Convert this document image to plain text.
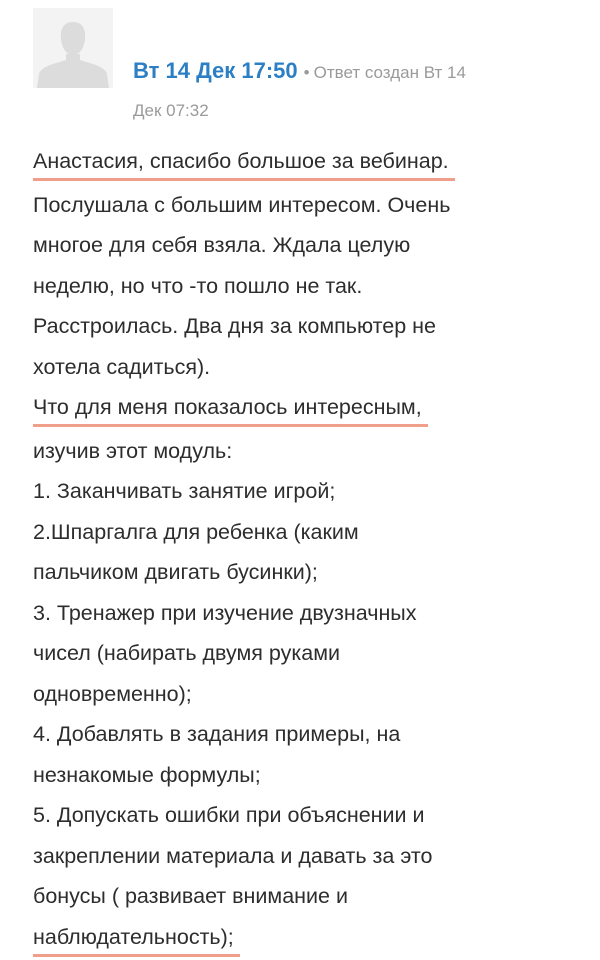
Вт 14 Дек 17:50 • Ответ создан Вт 14
Дек 07:32
Анастасия, спасибо большое за вебинар.
Послушала с большим интересом. Очень
многое для себя взяла. Ждала целую
неделю, но что -то пошло не так.
Расстроилась. Два дня за компьютер не
хотела садиться).
Что для меня показалось интересным,
изучив этот модуль:
1. Заканчивать занятие игрой;
2.Шпаргалга для ребенка (каким
пальчиком двигать бусинки);
3. Тренажер при изучение двузначных
чисел (набирать двумя руками
одновременно);
4. Добавлять в задания примеры, на
незнакомые формулы;
5. Допускать ошибки при объяснении и
закреплении материала и давать за это
бонусы ( развивает внимание и
наблюдательность);
